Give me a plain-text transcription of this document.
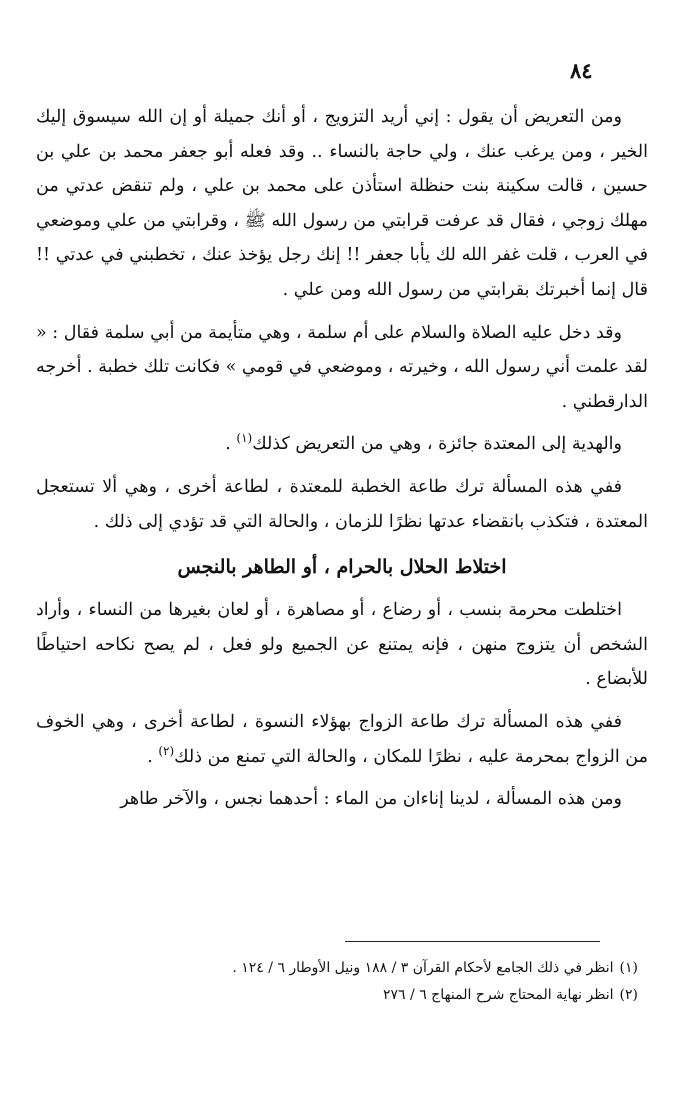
٨٤

ومن التعريض أن يقول : إني أريد التزويج ، أو أنك جميلة أو إن الله سيسوق إليك الخير ، ومن يرغب عنك ، ولي حاجة بالنساء .. وقد فعله أبو جعفر محمد بن علي بن حسين ، قالت سكينة بنت حنظلة استأذن على محمد بن علي ، ولم تنقض عدتي من مهلك زوجي ، فقال قد عرفت قرابتي من رسول الله ﷺ ، وقرابتي من علي وموضعي في العرب ، قلت غفر الله لك يأبا جعفر !! إنك رجل يؤخذ عنك ، تخطبني في عدتي !! قال إنما أخبرتك بقرابتي من رسول الله ومن علي .

وقد دخل عليه الصلاة والسلام على أم سلمة ، وهي متأيمة من أبي سلمة فقال : « لقد علمت أني رسول الله ، وخيرته ، وموضعي في قومي » فكانت تلك خطبة . أخرجه الدارقطني .

والهدية إلى المعتدة جائزة ، وهي من التعريض كذلك$^{(١)}$ .

ففي هذه المسألة ترك طاعة الخطبة للمعتدة ، لطاعة أخرى ، وهي ألا تستعجل المعتدة ، فتكذب بانقضاء عدتها نظرًا للزمان ، والحالة التي قد تؤدي إلى ذلك .

اختلاط الحلال بالحرام ، أو الطاهر بالنجس

اختلطت محرمة بنسب ، أو رضاع ، أو مصاهرة ، أو لعان بغيرها من النساء ، وأراد الشخص أن يتزوج منهن ، فإنه يمتنع عن الجميع ولو فعل ، لم يصح نكاحه احتياطًا للأبضاع .

ففي هذه المسألة ترك طاعة الزواج بهؤلاء النسوة ، لطاعة أخرى ، وهي الخوف من الزواج بمحرمة عليه ، نظرًا للمكان ، والحالة التي تمنع من ذلك$^{(٢)}$ .

ومن هذه المسألة ، لدينا إناءان من الماء : أحدهما نجس ، والآخر طاهر

(١)انظر في ذلك الجامع لأحكام القرآن ٣ / ١٨٨ ونيل الأوطار ٦ / ١٢٤ .

(٢)انظر نهاية المحتاج شرح المنهاج ٦ / ٢٧٦
